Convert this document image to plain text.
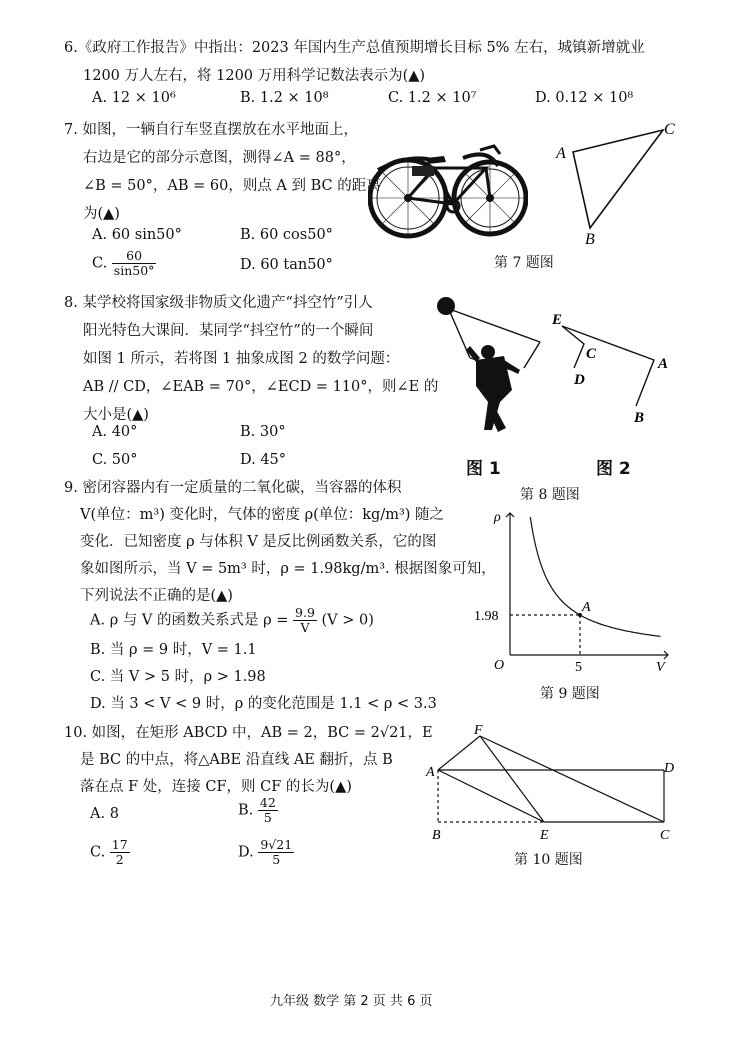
6.《政府工作报告》中指出：2023 年国内生产总值预期增长目标 5% 左右，城镇新增就业
1200 万人左右，将 1200 万用科学记数法表示为(▲)
A. 12 × 10⁶	B. 1.2 × 10⁸	C. 1.2 × 10⁷	D. 0.12 × 10⁸
7. 如图，一辆自行车竖直摆放在水平地面上，
右边是它的部分示意图，测得∠A = 88°，
∠B = 50°，AB = 60，则点 A 到 BC 的距离
为(▲)
A. 60 sin50°	B. 60 cos50°
C. $\frac{60}{\sin 50^\circ}$	D. 60 tan50°
A
C
B
第 7 题图
8. 某学校将国家级非物质文化遗产“抖空竹”引人
阳光特色大课间．某同学“抖空竹”的一个瞬间
如图 1 所示，若将图 1 抽象成图 2 的数学问题：
AB // CD，∠EAB = 70°，∠ECD = 110°，则∠E 的
大小是(▲)
A. 40°	B. 30°
C. 50°	D. 45°
E
C
D
A
B
图 1	图 2
第 8 题图
9. 密闭容器内有一定质量的二氧化碳，当容器的体积
V(单位：m³) 变化时，气体的密度 ρ(单位：kg/m³) 随之
变化．已知密度 ρ 与体积 V 是反比例函数关系，它的图
象如图所示，当 V = 5m³ 时，ρ = 1.98kg/m³. 根据图象可知，
下列说法不正确的是(▲)
A. ρ 与 V 的函数关系式是 $\rho = \frac{9.9}{V} (V > 0)$
B. 当 ρ = 9 时，V = 1.1
C. 当 V > 5 时，ρ > 1.98
D. 当 3 < V < 9 时，ρ 的变化范围是 1.1 < ρ < 3.3
ρ
V
O
1.98
5
A
第 9 题图
10. 如图，在矩形 ABCD 中，AB = 2，BC = 2√21，E
是 BC 的中点，将△ABE 沿直线 AE 翻折，点 B
落在点 F 处，连接 CF，则 CF 的长为(▲)
A. 8	B. $\frac{42}{5}$
C. $\frac{17}{2}$	D. $\frac{9√21}{5}$
F
A	D
B	E	C
第 10 题图
九年级 数学 第 2 页 共 6 页
